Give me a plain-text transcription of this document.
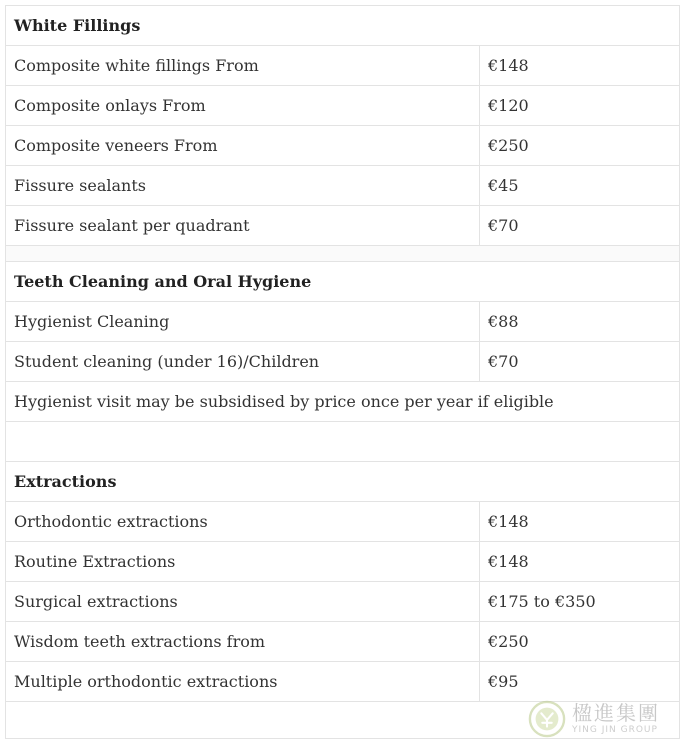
White Fillings
Composite white fillings From	€148
Composite onlays From	€120
Composite veneers From	€250
Fissure sealants	€45
Fissure sealant per quadrant	€70
Teeth Cleaning and Oral Hygiene
Hygienist Cleaning	€88
Student cleaning (under 16)/Children	€70
Hygienist visit may be subsidised by price once per year if eligible
Extractions
Orthodontic extractions	€148
Routine Extractions	€148
Surgical extractions	€175 to €350
Wisdom teeth extractions from	€250
Multiple orthodontic extractions	€95
楹進集團
YING JIN GROUP
